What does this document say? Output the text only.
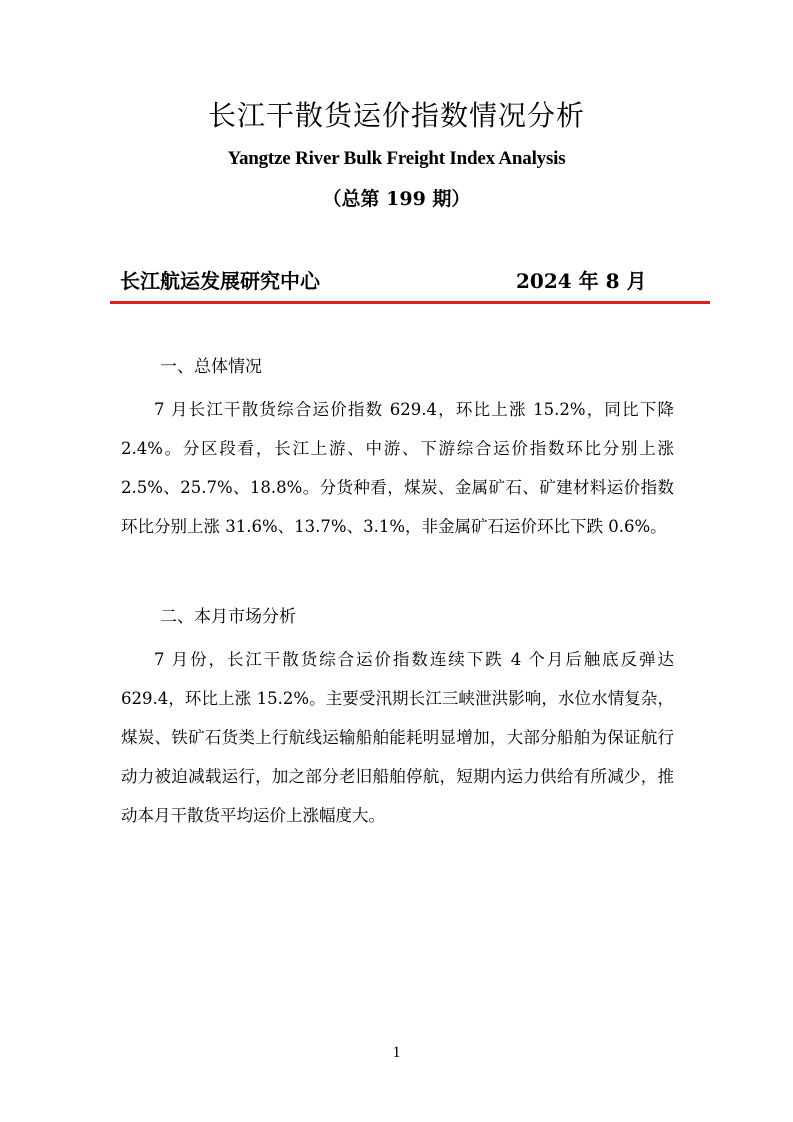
长江干散货运价指数情况分析
Yangtze River Bulk Freight Index Analysis
（总第 199 期）
长江航运发展研究中心	2024 年 8 月
一、总体情况
7 月长江干散货综合运价指数 629.4，环比上涨 15.2%，同比下降 2.4%。分区段看，长江上游、中游、下游综合运价指数环比分别上涨 2.5%、25.7%、18.8%。分货种看，煤炭、金属矿石、矿建材料运价指数环比分别上涨 31.6%、13.7%、3.1%，非金属矿石运价环比下跌 0.6%。
二、本月市场分析
7 月份，长江干散货综合运价指数连续下跌 4 个月后触底反弹达 629.4，环比上涨 15.2%。主要受汛期长江三峡泄洪影响，水位水情复杂，煤炭、铁矿石货类上行航线运输船舶能耗明显增加，大部分船舶为保证航行动力被迫减载运行，加之部分老旧船舶停航，短期内运力供给有所减少，推动本月干散货平均运价上涨幅度大。
1
